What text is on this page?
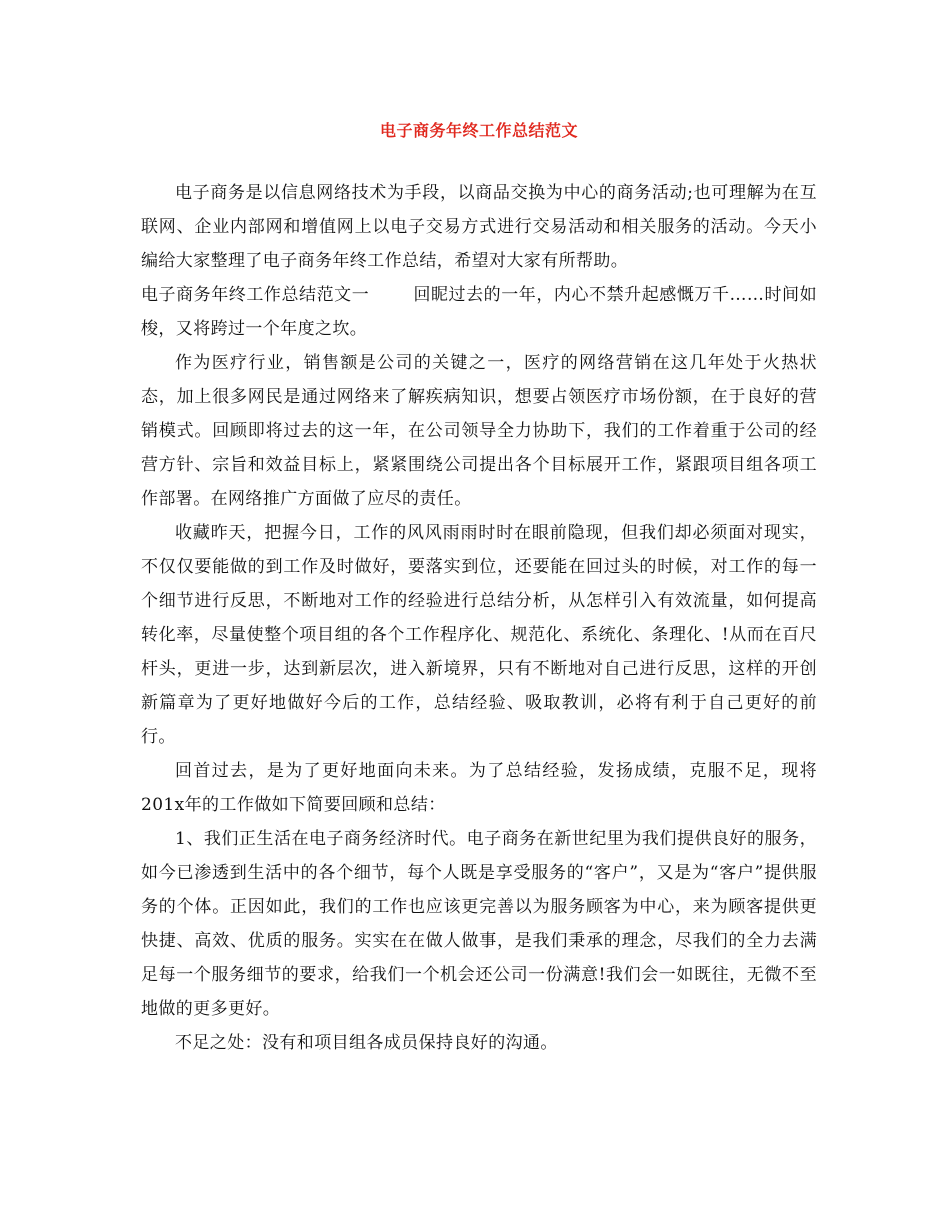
电子商务年终工作总结范文

电子商务是以信息网络技术为手段，以商品交换为中心的商务活动;也可理解为在互联网、企业内部网和增值网上以电子交易方式进行交易活动和相关服务的活动。今天小编给大家整理了电子商务年终工作总结，希望对大家有所帮助。

电子商务年终工作总结范文一	回眤过去的一年，内心不禁升起感慨万千……时间如梭，又将跨过一个年度之坎。

作为医疗行业，销售额是公司的关键之一，医疗的网络营销在这几年处于火热状态，加上很多网民是通过网络来了解疾病知识，想要占领医疗市场份额，在于良好的营销模式。回顾即将过去的这一年，在公司领导全力协助下，我们的工作着重于公司的经营方针、宗旨和效益目标上，紧紧围绕公司提出各个目标展开工作，紧跟项目组各项工作部署。在网络推广方面做了应尽的责任。

收藏昨天，把握今日，工作的风风雨雨时时在眼前隐现，但我们却必须面对现实，不仅仅要能做的到工作及时做好，要落实到位，还要能在回过头的时候，对工作的每一个细节进行反思，不断地对工作的经验进行总结分析，从怎样引入有效流量，如何提高转化率，尽量使整个项目组的各个工作程序化、规范化、系统化、条理化、!从而在百尺杆头，更进一步，达到新层次，进入新境界，只有不断地对自己进行反思，这样的开创新篇章为了更好地做好今后的工作，总结经验、吸取教训，必将有利于自己更好的前行。

回首过去，是为了更好地面向未来。为了总结经验，发扬成绩，克服不足，现将201x年的工作做如下简要回顾和总结：

1、我们正生活在电子商务经济时代。电子商务在新世纪里为我们提供良好的服务，如今已渗透到生活中的各个细节，每个人既是享受服务的“客户”，又是为“客户”提供服务的个体。正因如此，我们的工作也应该更完善以为服务顾客为中心，来为顾客提供更快捷、高效、优质的服务。实实在在做人做事，是我们秉承的理念，尽我们的全力去满足每一个服务细节的要求，给我们一个机会还公司一份满意!我们会一如既往，无微不至地做的更多更好。

不足之处：没有和项目组各成员保持良好的沟通。
